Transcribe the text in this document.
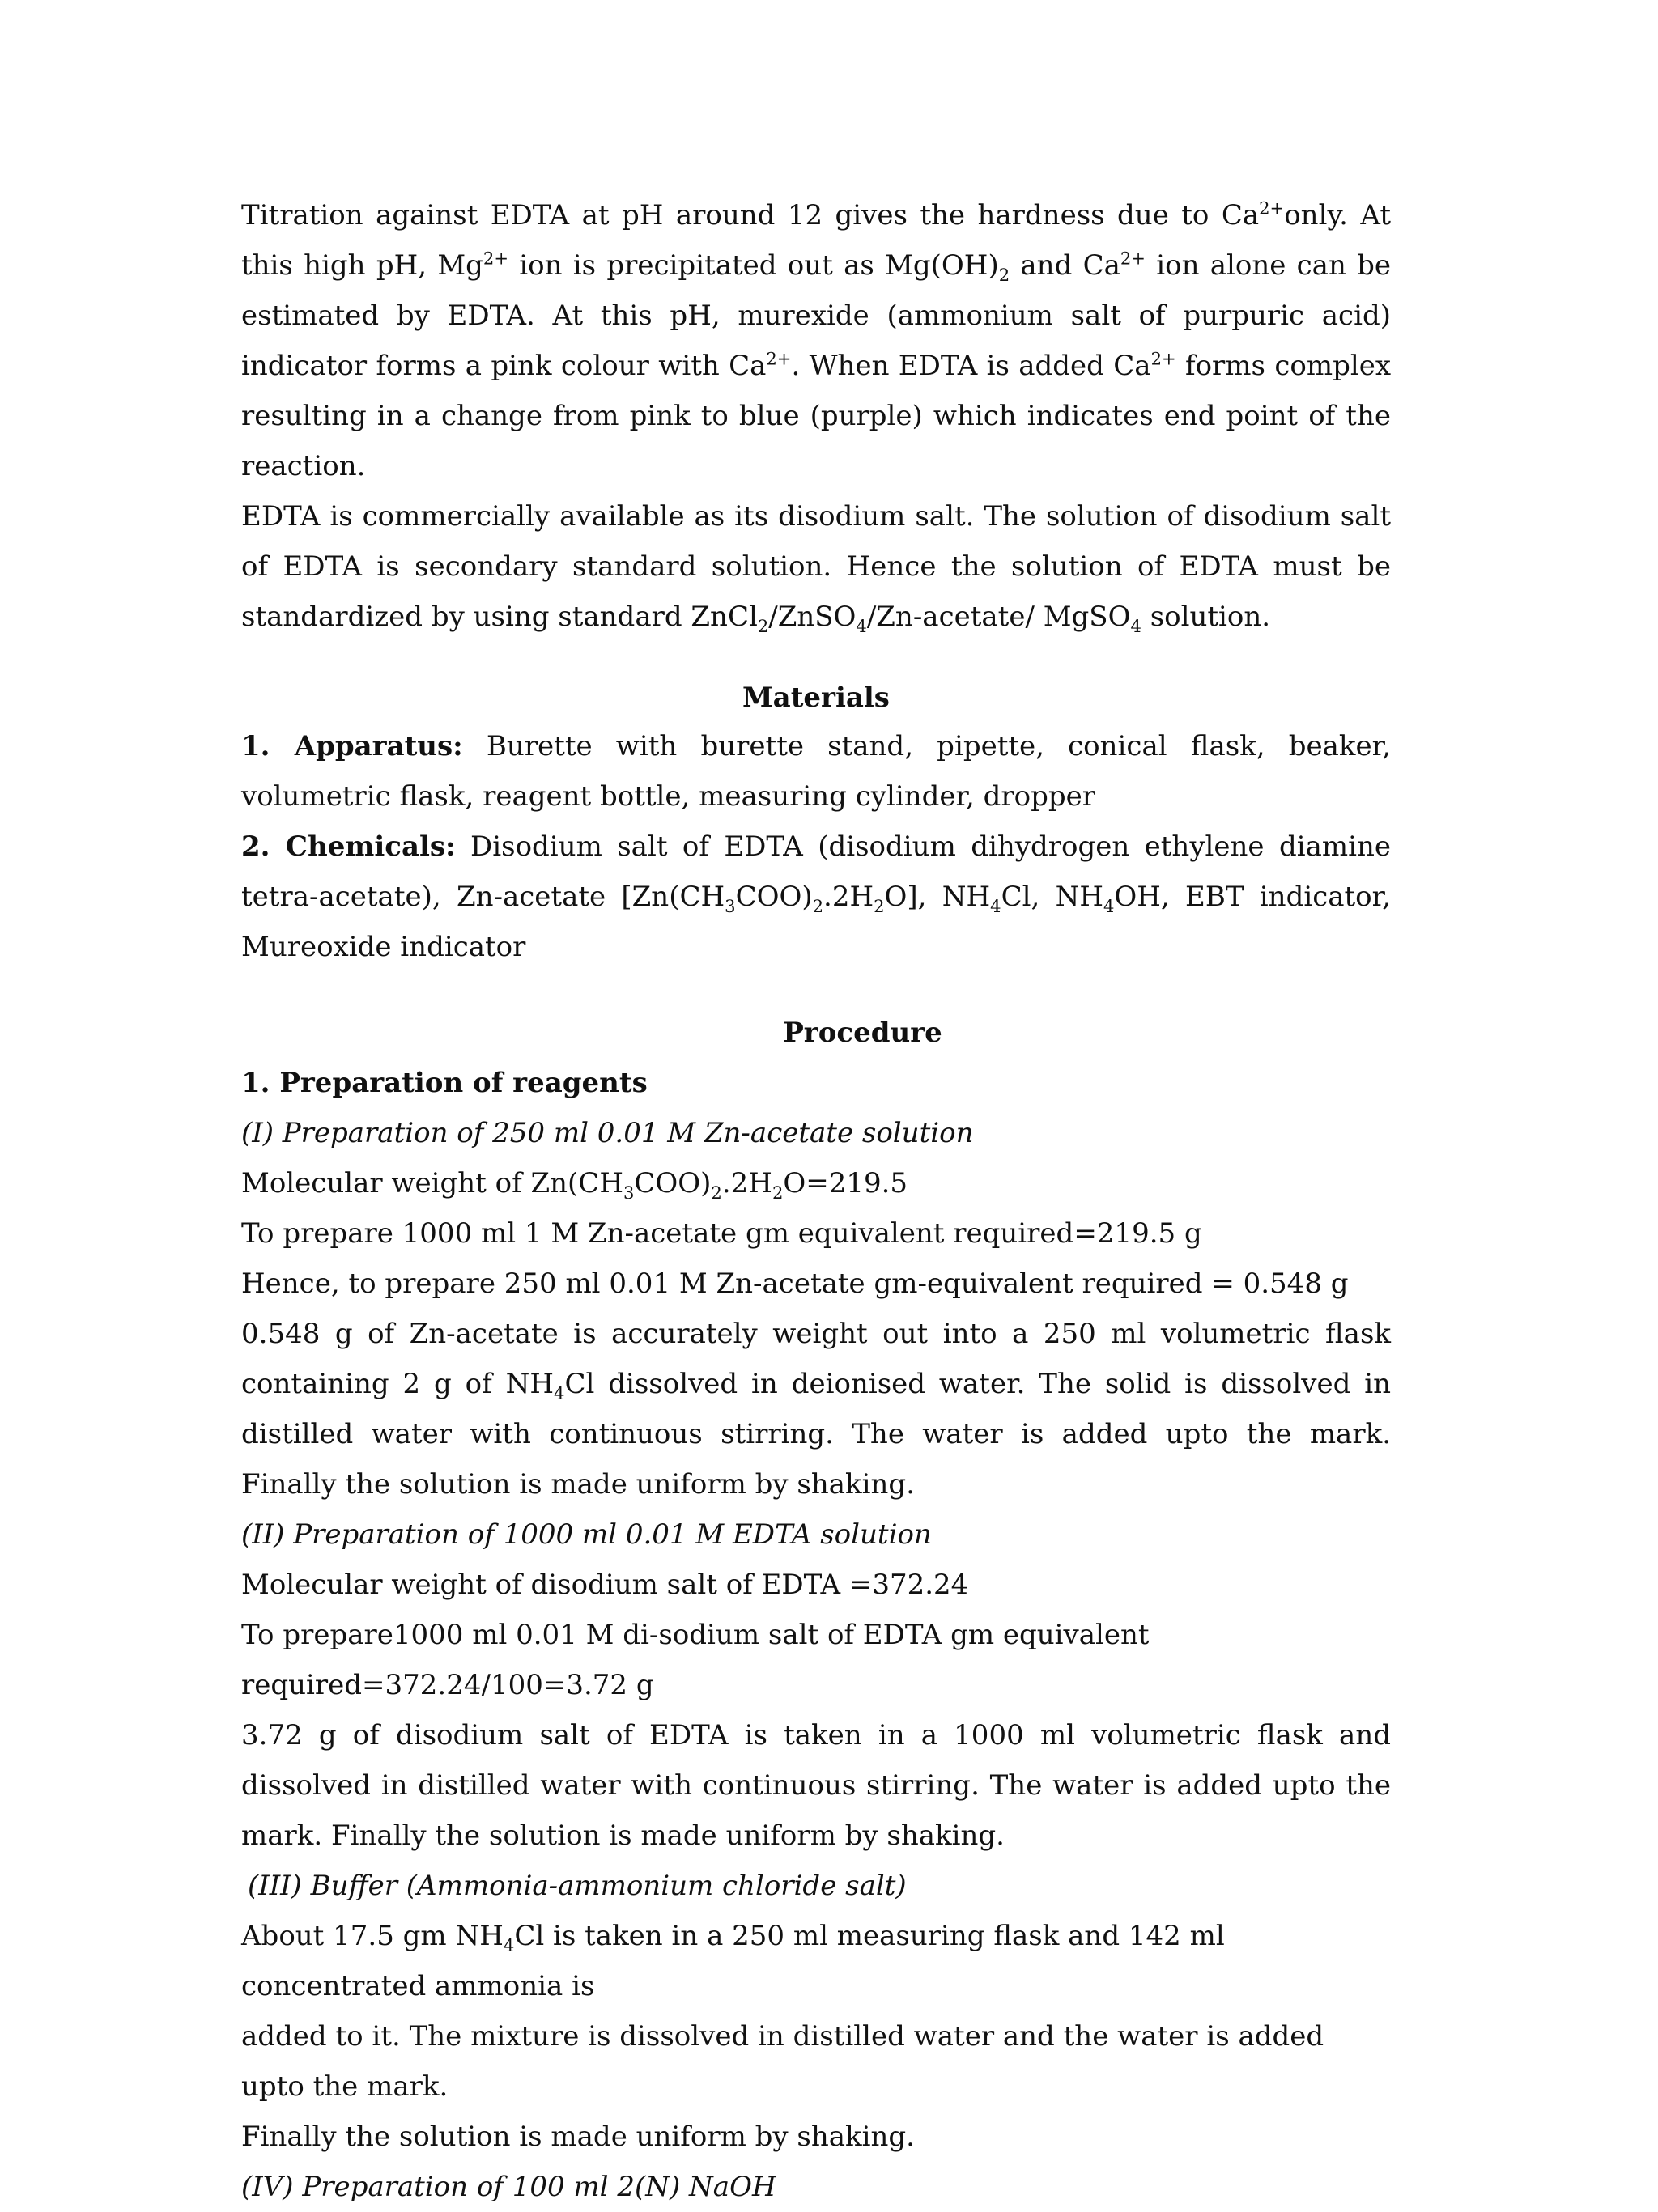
Titration against EDTA at pH around 12 gives the hardness due to $Ca^{2+}only$. At this high pH, $Mg^{2+}$ ion is precipitated out as $Mg(OH)_2$ and $Ca^{2+}$ ion alone can be estimated by EDTA. At this pH, murexide (ammonium salt of purpuric acid) indicator forms a pink colour with $Ca^{2+}$. When EDTA is added $Ca^{2+}$ forms complex resulting in a change from pink to blue (purple) which indicates end point of the reaction.

EDTA is commercially available as its disodium salt. The solution of disodium salt of EDTA is secondary standard solution. Hence the solution of EDTA must be standardized by using standard ZnCl$_2$/ZnSO$_4$/Zn-acetate/ MgSO$_4$ solution.

Materials

1. Apparatus: Burette with burette stand, pipette, conical flask, beaker, volumetric flask, reagent bottle, measuring cylinder, dropper

2. Chemicals: Disodium salt of EDTA (disodium dihydrogen ethylene diamine tetra-acetate), Zn-acetate $[Zn(CH_3COO)_2.2H_2O]$, $NH_4Cl$, $NH_4OH$, EBT indicator, Mureoxide indicator

Procedure

1. Preparation of reagents

(I) Preparation of 250 ml 0.01 M Zn-acetate solution

Molecular weight of $Zn(CH_3COO)_2.2H_2O=219.5$

To prepare 1000 ml 1 M Zn-acetate gm equivalent required=219.5 g

Hence, to prepare 250 ml 0.01 M Zn-acetate gm-equivalent required = 0.548 g

0.548 g of Zn-acetate is accurately weight out into a 250 ml volumetric flask containing 2 g of $NH_4Cl$ dissolved in deionised water. The solid is dissolved in distilled water with continuous stirring. The water is added upto the mark. Finally the solution is made uniform by shaking.

(II) Preparation of 1000 ml 0.01 M EDTA solution

Molecular weight of disodium salt of EDTA =372.24

To prepare1000 ml 0.01 M di-sodium salt of EDTA gm equivalent required=372.24/100=3.72 g

3.72 g of disodium salt of EDTA is taken in a 1000 ml volumetric flask and dissolved in distilled water with continuous stirring. The water is added upto the mark. Finally the solution is made uniform by shaking.

(III) Buffer (Ammonia-ammonium chloride salt)

About 17.5 gm $NH_4Cl$ is taken in a 250 ml measuring flask and 142 ml concentrated ammonia is

added to it. The mixture is dissolved in distilled water and the water is added upto the mark.

Finally the solution is made uniform by shaking.

(IV) Preparation of 100 ml 2(N) NaOH
